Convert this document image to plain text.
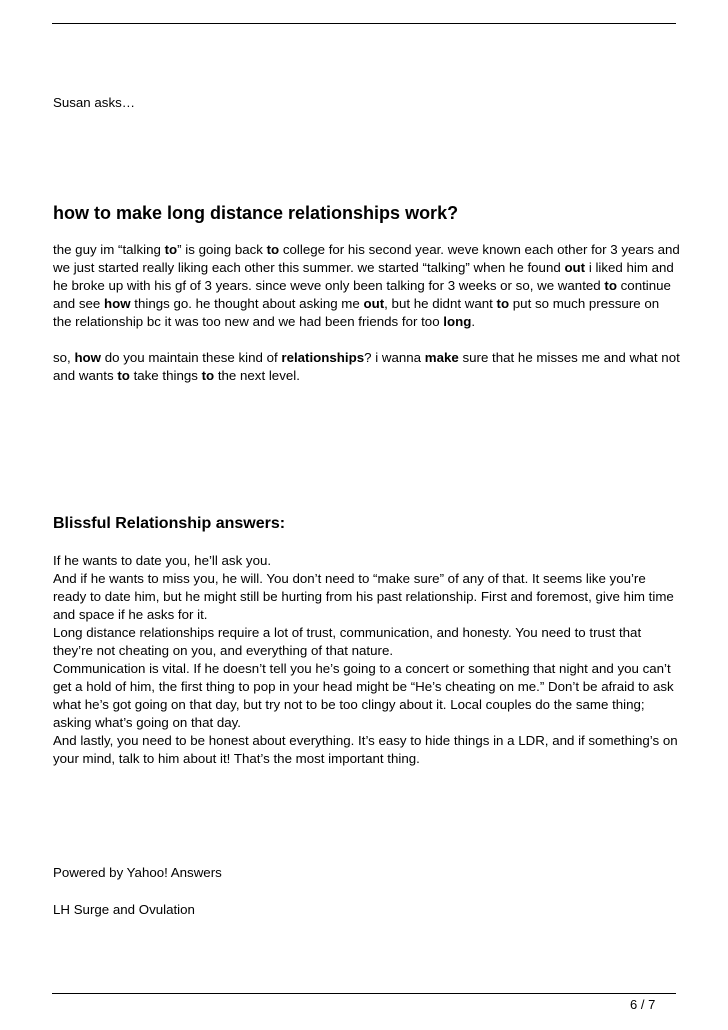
Susan asks…

how to make long distance relationships work?

the guy im “talking to” is going back to college for his second year. weve known each other for 3 years and we just started really liking each other this summer. we started “talking” when he found out i liked him and he broke up with his gf of 3 years. since weve only been talking for 3 weeks or so, we wanted to continue and see how things go. he thought about asking me out, but he didnt want to put so much pressure on the relationship bc it was too new and we had been friends for too long.

so, how do you maintain these kind of relationships? i wanna make sure that he misses me and what not and wants to take things to the next level.

Blissful Relationship answers:
If he wants to date you, he’ll ask you.
And if he wants to miss you, he will. You don’t need to “make sure” of any of that. It seems like you’re ready to date him, but he might still be hurting from his past relationship. First and foremost, give him time and space if he asks for it.
Long distance relationships require a lot of trust, communication, and honesty. You need to trust that they’re not cheating on you, and everything of that nature.
Communication is vital. If he doesn’t tell you he’s going to a concert or something that night and you can’t get a hold of him, the first thing to pop in your head might be “He’s cheating on me.” Don’t be afraid to ask what he’s got going on that day, but try not to be too clingy about it. Local couples do the same thing; asking what’s going on that day.
And lastly, you need to be honest about everything. It’s easy to hide things in a LDR, and if something’s on your mind, talk to him about it! That’s the most important thing.

Powered by Yahoo! Answers

LH Surge and Ovulation

6 / 7
